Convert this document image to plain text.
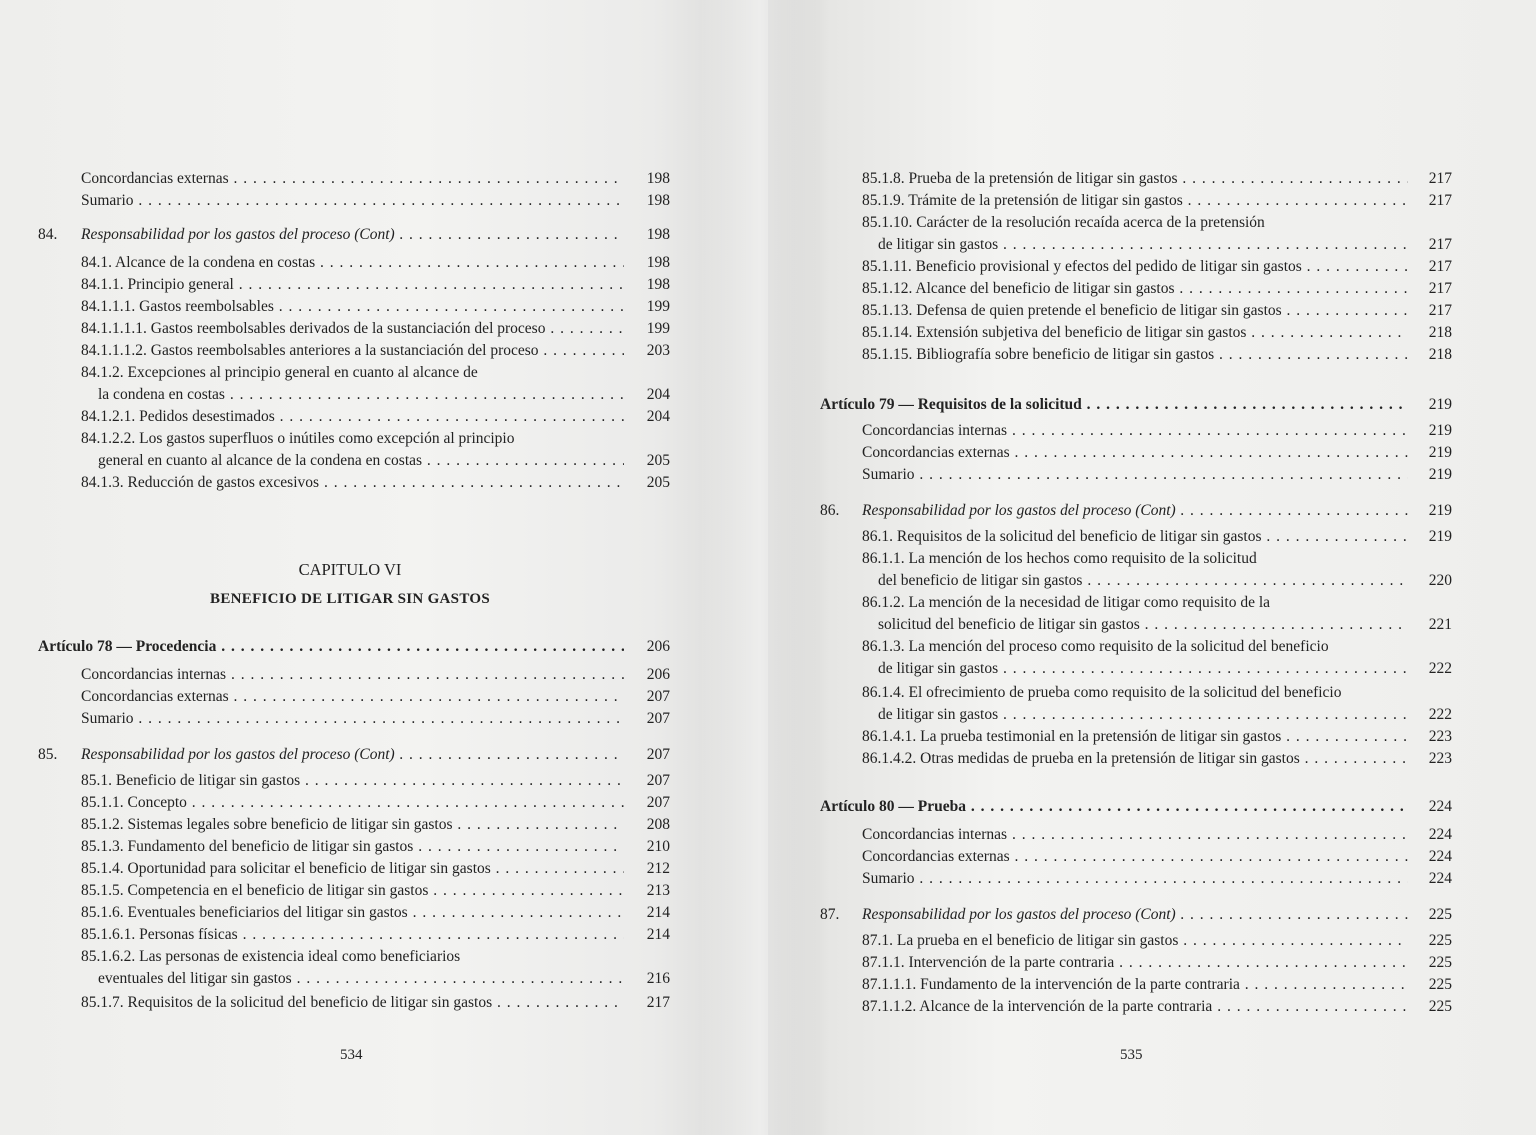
Concordancias externas . . .	198
Sumario . . .	198
84. Responsabilidad por los gastos del proceso (Cont) . . .	198
84.1. Alcance de la condena en costas . . .	198
84.1.1. Principio general . . .	198
84.1.1.1. Gastos reembolsables . . .	199
84.1.1.1.1. Gastos reembolsables derivados de la sustanciación del proceso . . .	199
84.1.1.1.2. Gastos reembolsables anteriores a la sustanciación del proceso . . .	203
84.1.2. Excepciones al principio general en cuanto al alcance de
la condena en costas . . .	204
84.1.2.1. Pedidos desestimados . . .	204
84.1.2.2. Los gastos superfluos o inútiles como excepción al principio
general en cuanto al alcance de la condena en costas . . .	205
84.1.3. Reducción de gastos excesivos . . .	205
Artículo 78 — Procedencia . . .	206
Concordancias internas . . .	206
Concordancias externas . . .	207
Sumario . . .	207
85. Responsabilidad por los gastos del proceso (Cont) . . .	207
85.1. Beneficio de litigar sin gastos . . .	207
85.1.1. Concepto . . .	207
85.1.2. Sistemas legales sobre beneficio de litigar sin gastos . . .	208
85.1.3. Fundamento del beneficio de litigar sin gastos . . .	210
85.1.4. Oportunidad para solicitar el beneficio de litigar sin gastos . . .	212
85.1.5. Competencia en el beneficio de litigar sin gastos . . .	213
85.1.6. Eventuales beneficiarios del litigar sin gastos . . .	214
85.1.6.1. Personas físicas . . .	214
85.1.6.2. Las personas de existencia ideal como beneficiarios
eventuales del litigar sin gastos . . .	216
85.1.7. Requisitos de la solicitud del beneficio de litigar sin gastos . . .	217
CAPITULO VI
BENEFICIO DE LITIGAR SIN GASTOS
534
85.1.8. Prueba de la pretensión de litigar sin gastos . . .	217
85.1.9. Trámite de la pretensión de litigar sin gastos . . .	217
85.1.10. Carácter de la resolución recaída acerca de la pretensión
de litigar sin gastos . . .	217
85.1.11. Beneficio provisional y efectos del pedido de litigar sin gastos . . .	217
85.1.12. Alcance del beneficio de litigar sin gastos . . .	217
85.1.13. Defensa de quien pretende el beneficio de litigar sin gastos . . .	217
85.1.14. Extensión subjetiva del beneficio de litigar sin gastos . . .	218
85.1.15. Bibliografía sobre beneficio de litigar sin gastos . . .	218
Artículo 79 — Requisitos de la solicitud . . .	219
Concordancias internas . . .	219
Concordancias externas . . .	219
Sumario . . .	219
86. Responsabilidad por los gastos del proceso (Cont) . . .	219
86.1. Requisitos de la solicitud del beneficio de litigar sin gastos . . .	219
86.1.1. La mención de los hechos como requisito de la solicitud
del beneficio de litigar sin gastos . . .	220
86.1.2. La mención de la necesidad de litigar como requisito de la
solicitud del beneficio de litigar sin gastos . . .	221
86.1.3. La mención del proceso como requisito de la solicitud del beneficio
de litigar sin gastos . . .	222
86.1.4. El ofrecimiento de prueba como requisito de la solicitud del beneficio
de litigar sin gastos . . .	222
86.1.4.1. La prueba testimonial en la pretensión de litigar sin gastos . . .	223
86.1.4.2. Otras medidas de prueba en la pretensión de litigar sin gastos . . .	223
Artículo 80 — Prueba . . .	224
Concordancias internas . . .	224
Concordancias externas . . .	224
Sumario . . .	224
87. Responsabilidad por los gastos del proceso (Cont) . . .	225
87.1. La prueba en el beneficio de litigar sin gastos . . .	225
87.1.1. Intervención de la parte contraria . . .	225
87.1.1.1. Fundamento de la intervención de la parte contraria . . .	225
87.1.1.2. Alcance de la intervención de la parte contraria . . .	225
535
